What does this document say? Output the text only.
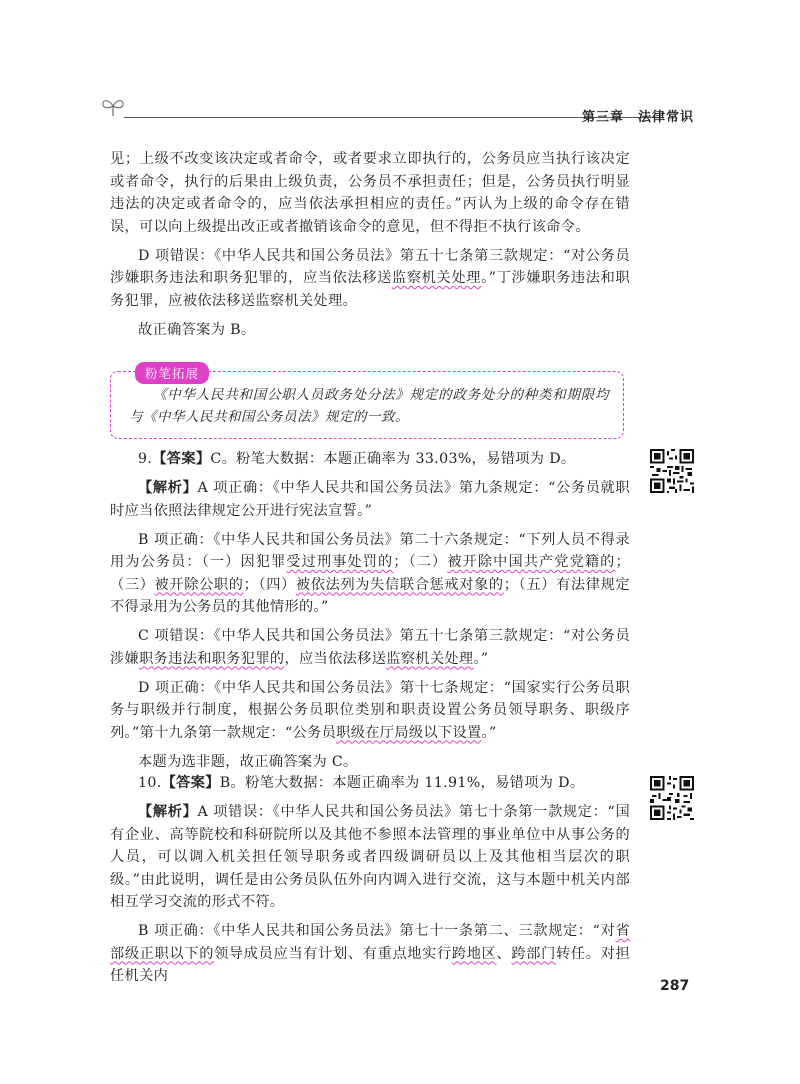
第三章 法律常识

见；上级不改变该决定或者命令，或者要求立即执行的，公务员应当执行该决定或者命令，执行的后果由上级负责，公务员不承担责任；但是，公务员执行明显违法的决定或者命令的，应当依法承担相应的责任。”丙认为上级的命令存在错误，可以向上级提出改正或者撤销该命令的意见，但不得拒不执行该命令。

D 项错误：《中华人民共和国公务员法》第五十七条第三款规定：“对公务员涉嫌职务违法和职务犯罪的，应当依法移送监察机关处理。”丁涉嫌职务违法和职务犯罪，应被依法移送监察机关处理。

故正确答案为 B。

粉笔拓展
《中华人民共和国公职人员政务处分法》规定的政务处分的种类和期限均与《中华人民共和国公务员法》规定的一致。

9.【答案】C。粉笔大数据：本题正确率为 33.03%，易错项为 D。

【解析】A 项正确：《中华人民共和国公务员法》第九条规定：“公务员就职时应当依照法律规定公开进行宪法宣誓。”

B 项正确：《中华人民共和国公务员法》第二十六条规定：“下列人员不得录用为公务员：（一）因犯罪受过刑事处罚的；（二）被开除中国共产党党籍的；（三）被开除公职的；（四）被依法列为失信联合惩戒对象的；（五）有法律规定不得录用为公务员的其他情形的。”

C 项错误：《中华人民共和国公务员法》第五十七条第三款规定：“对公务员涉嫌职务违法和职务犯罪的，应当依法移送监察机关处理。”

D 项正确：《中华人民共和国公务员法》第十七条规定：“国家实行公务员职务与职级并行制度，根据公务员职位类别和职责设置公务员领导职务、职级序列。”第十九条第一款规定：“公务员职级在厅局级以下设置。”

本题为选非题，故正确答案为 C。

10.【答案】B。粉笔大数据：本题正确率为 11.91%，易错项为 D。

【解析】A 项错误：《中华人民共和国公务员法》第七十条第一款规定：“国有企业、高等院校和科研院所以及其他不参照本法管理的事业单位中从事公务的人员，可以调入机关担任领导职务或者四级调研员以上及其他相当层次的职级。”由此说明，调任是由公务员队伍外向内调入进行交流，这与本题中机关内部相互学习交流的形式不符。

B 项正确：《中华人民共和国公务员法》第七十一条第二、三款规定：“对省部级正职以下的领导成员应当有计划、有重点地实行跨地区、跨部门转任。对担任机关内

287
